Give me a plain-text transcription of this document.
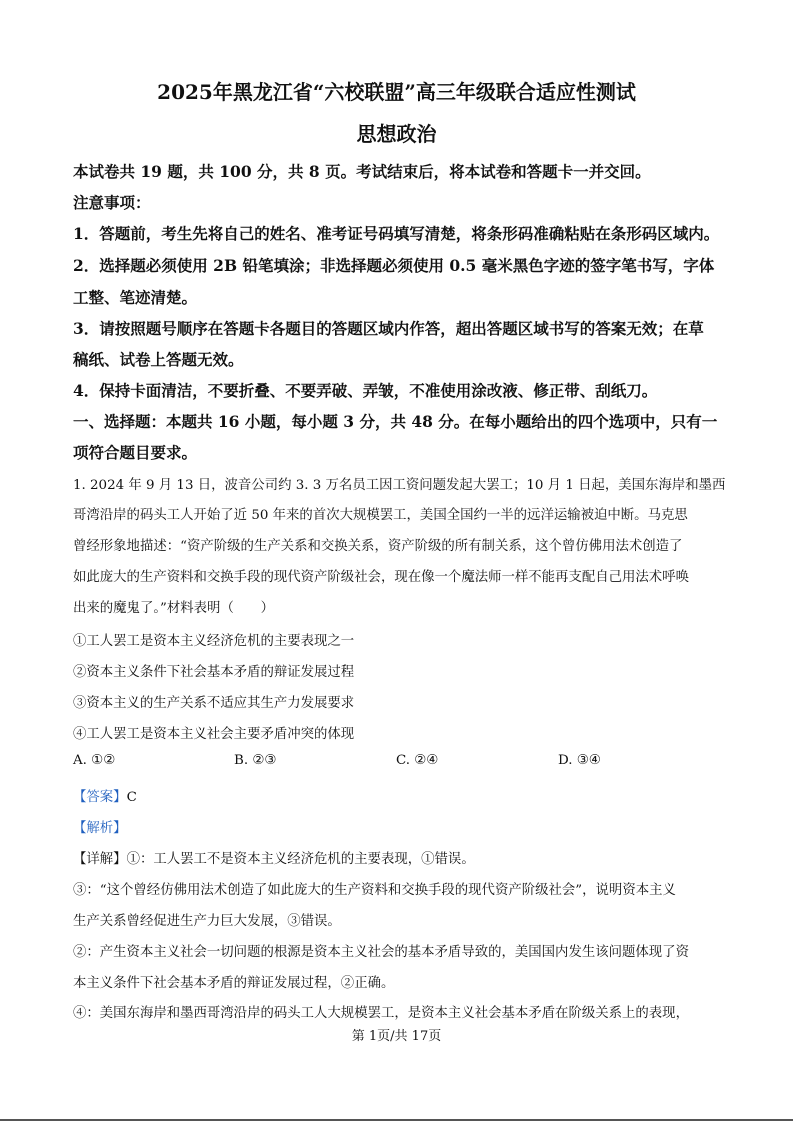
2025年黑龙江省“六校联盟”高三年级联合适应性测试
思想政治
本试卷共 19 题，共 100 分，共 8 页。考试结束后，将本试卷和答题卡一并交回。
注意事项：
1．答题前，考生先将自己的姓名、准考证号码填写清楚，将条形码准确粘贴在条形码区域内。
2．选择题必须使用 2B 铅笔填涂；非选择题必须使用 0.5 毫米黑色字迹的签字笔书写，字体
工整、笔迹清楚。
3．请按照题号顺序在答题卡各题目的答题区域内作答，超出答题区域书写的答案无效；在草
稿纸、试卷上答题无效。
4．保持卡面清洁，不要折叠、不要弄破、弄皱，不准使用涂改液、修正带、刮纸刀。
一、选择题：本题共 16 小题，每小题 3 分，共 48 分。在每小题给出的四个选项中，只有一
项符合题目要求。
1. 2024 年 9 月 13 日，波音公司约 3. 3 万名员工因工资问题发起大罢工；10 月 1 日起，美国东海岸和墨西
哥湾沿岸的码头工人开始了近 50 年来的首次大规模罢工，美国全国约一半的远洋运输被迫中断。马克思
曾经形象地描述：“资产阶级的生产关系和交换关系，资产阶级的所有制关系，这个曾仿佛用法术创造了
如此庞大的生产资料和交换手段的现代资产阶级社会，现在像一个魔法师一样不能再支配自己用法术呼唤
出来的魔鬼了。”材料表明（　　）
①工人罢工是资本主义经济危机的主要表现之一
②资本主义条件下社会基本矛盾的辩证发展过程
③资本主义的生产关系不适应其生产力发展要求
④工人罢工是资本主义社会主要矛盾冲突的体现
A. ①②	B. ②③	C. ②④	D. ③④
【答案】C
【解析】
【详解】①：工人罢工不是资本主义经济危机的主要表现，①错误。
③：“这个曾经仿佛用法术创造了如此庞大的生产资料和交换手段的现代资产阶级社会”，说明资本主义
生产关系曾经促进生产力巨大发展，③错误。
②：产生资本主义社会一切问题的根源是资本主义社会的基本矛盾导致的，美国国内发生该问题体现了资
本主义条件下社会基本矛盾的辩证发展过程，②正确。
④：美国东海岸和墨西哥湾沿岸的码头工人大规模罢工，是资本主义社会基本矛盾在阶级关系上的表现，
第 1页/共 17页
